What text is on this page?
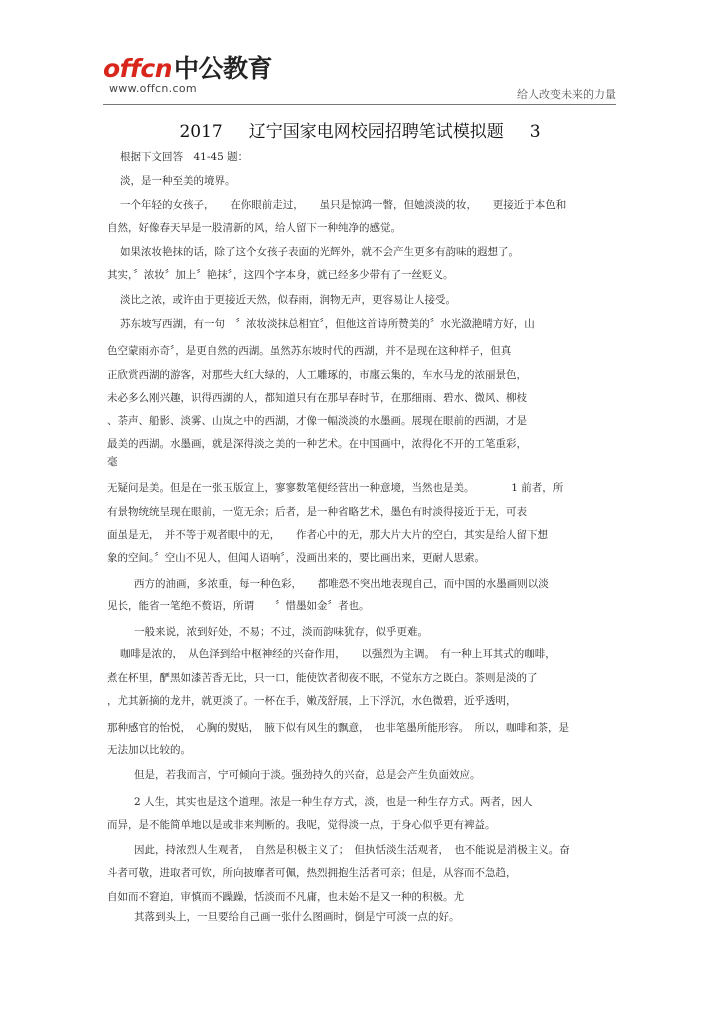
offcn中公教育
www.offcn.com	给人改变未来的力量
2017 辽宁国家电网校园招聘笔试模拟题 3
根据下文回答　41-45 题：
淡，是一种至美的境界。
一个年轻的女孩子，　　在你眼前走过，　　虽只是惊鸿一瞥，但她淡淡的妆，　　更接近于本色和
自然，好像春天早是一股清新的风，给人留下一种纯净的感觉。
如果浓妆艳抹的话，除了这个女孩子表面的光辉外，就不会产生更多有韵味的遐想了。
其实，〞浓妆〞加上〞艳抹〞，这四个字本身，就已经多少带有了一丝贬义。
淡比之浓，或许由于更接近天然，似春雨，润物无声，更容易让人接受。
苏东坡写西湖，有一句　〞浓妆淡抹总相宜〞，但他这首诗所赞美的〞水光潋滟晴方好，山
色空蒙雨亦奇〞，是更自然的西湖。虽然苏东坡时代的西湖，并不是现在这种样子，但真
正欣赏西湖的游客，对那些大红大绿的，人工雕琢的，市廛云集的，车水马龙的浓丽景色，
未必多么刚兴趣，识得西湖的人，都知道只有在那早春时节，在那细雨、碧水、微风、柳枝
、荼声、船影、淡雾、山岚之中的西湖，才像一幅淡淡的水墨画。展现在眼前的西湖，才是
最美的西湖。水墨画，就是深得淡之美的一种艺术。在中国画中，浓得化不开的工笔重彩，
毫
无疑问是美。但是在一张玉版宣上，寥寥数笔便经营出一种意境，当然也是美。　　　　1 前者，所
有景物统统呈现在眼前，一览无余；后者，是一种省略艺术，墨色有时淡得接近于无，可表
面虽是无，　并不等于观者眼中的无，　　作者心中的无，那大片大片的空白，其实是给人留下想
象的空间。〞空山不见人，但闻人语响〞，没画出来的，要比画出来，更耐人思索。
西方的油画，多浓重，每一种色彩，　　都唯恐不突出地表现自己，而中国的水墨画则以淡
见长，能省一笔绝不赘语，所谓　　〞惜墨如金〞者也。
一般来说，浓到好处，不易；不过，淡而韵味犹存，似乎更难。
咖啡是浓的，　从色泽到给中枢神经的兴奋作用，　　以强烈为主调。　有一种上耳其式的咖啡，
煮在杯里，酽黑如漆苦香无比，只一口，能使饮者彻夜不眠，不觉东方之既白。茶则是淡的了
，尤其新摘的龙井，就更淡了。一杯在手，嫩茂舒展，上下浮沉，水色微碧，近乎透明，
那种感官的怡悦，　心胸的熨贴，　腋下似有风生的飘意，　也非笔墨所能形容。　所以，咖啡和茶，是
无法加以比较的。
但是，若我而言，宁可倾向于淡。强劲持久的兴奋，总是会产生负面效应。
2 人生，其实也是这个道理。浓是一种生存方式，淡，也是一种生存方式。两者，因人
而异，是不能简单地以是或非来判断的。我呢，觉得淡一点，于身心似乎更有裨益。
因此，持浓烈人生观者，　自然是积极主义了；　但执恬淡生活观者，　也不能说是消极主义。奋
斗者可敬，进取者可钦，所向披靡者可佩，热烈拥抱生活者可亲；但是，从容而不急趋，
自如而不窘迫，审慎而不躁躁，恬淡而不凡庸，也未始不是又一种的积极。尤
其落到头上，一旦要给自己画一张什么图画时，倒是宁可淡一点的好。
